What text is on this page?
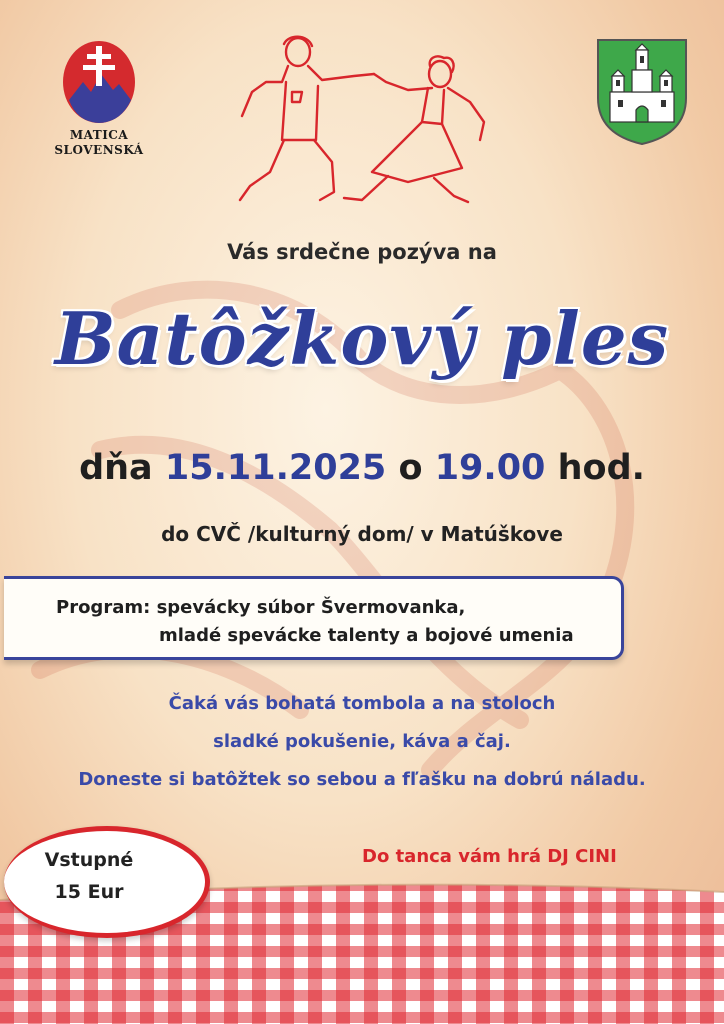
MATICA
SLOVENSKÁ
Vás srdečne pozýva na
Batôžkový ples
dňa 15.11.2025 o 19.00 hod.
do CVČ /kulturný dom/ v Matúškove
Program: spevácky súbor Švermovanka,
mladé spevácke talenty a bojové umenia
Čaká vás bohatá tombola a na stoloch
sladké pokušenie, káva a čaj.
Doneste si batôžtek so sebou a fľašku na dobrú náladu.
Do tanca vám hrá DJ CINI
Vstupné
15 Eur
